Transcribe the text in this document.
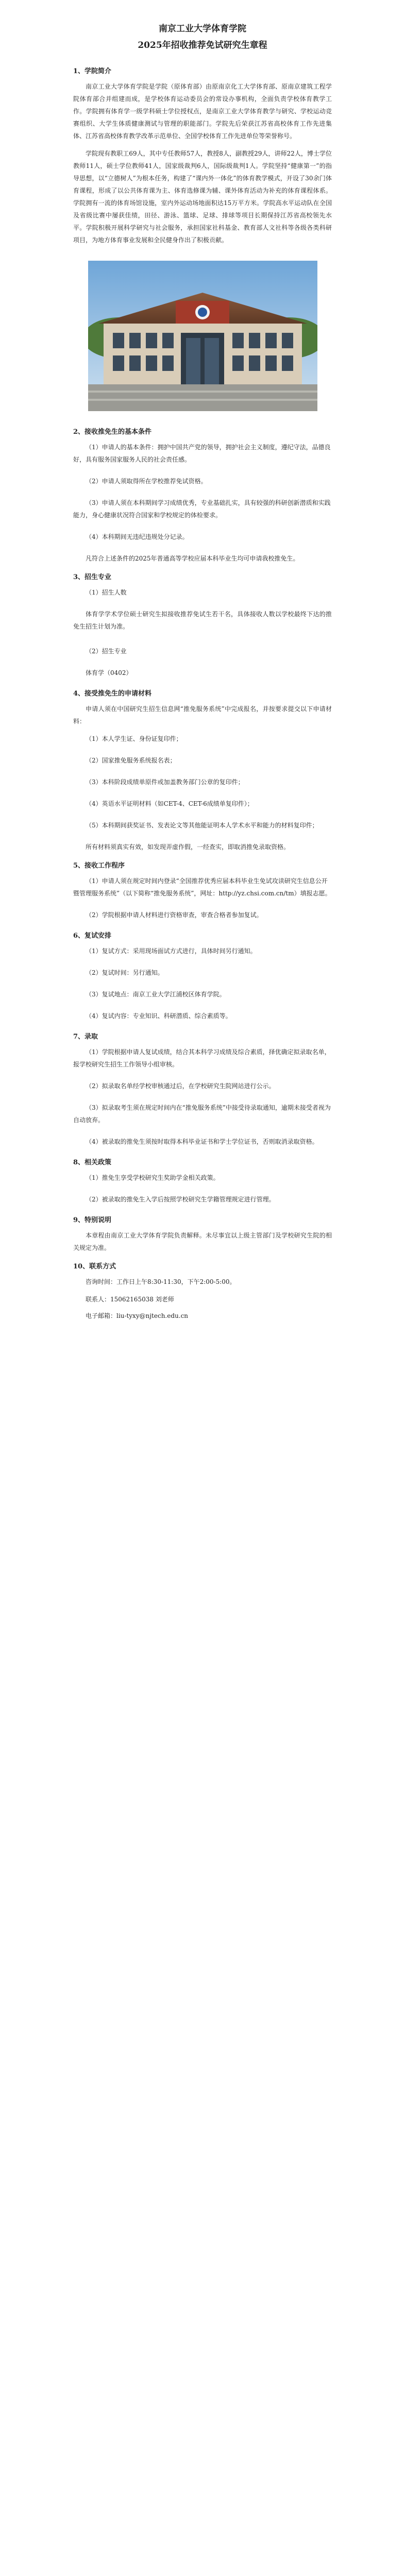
南京工业大学体育学院
2025年招收推荐免试研究生章程
1、学院简介

南京工业大学体育学院是学院（原体育部）由原南京化工大学体育部、原南京建筑工程学院体育部合并组建而成，是学校体育运动委员会的常设办事机构，全面负责学校体育教学工作。学院拥有体育学一级学科硕士学位授权点，是南京工业大学体育教学与研究、学校运动竞赛组织、大学生体质健康测试与管理的职能部门。学院先后荣获江苏省高校体育工作先进集体、江苏省高校体育教学改革示范单位、全国学校体育工作先进单位等荣誉称号。

学院现有教职工69人，其中专任教师57人，教授8人，副教授29人，讲师22人，博士学位教师11人，硕士学位教师41人，国家级裁判6人，国际级裁判1人。学院坚持“健康第一”的指导思想，以“立德树人”为根本任务，构建了“课内外一体化”的体育教学模式，开设了30余门体育课程，形成了以公共体育课为主、体育选修课为辅、课外体育活动为补充的体育课程体系。学院拥有一流的体育场馆设施，室内外运动场地面积达15万平方米。学院高水平运动队在全国及省级比赛中屡获佳绩，田径、游泳、篮球、足球、排球等项目长期保持江苏省高校领先水平。学院积极开展科学研究与社会服务，承担国家社科基金、教育部人文社科等各级各类科研项目，为地方体育事业发展和全民健身作出了积极贡献。

2、接收推免生的基本条件
（1）申请人的基本条件：拥护中国共产党的领导，拥护社会主义制度，遵纪守法，品德良好，具有服务国家服务人民的社会责任感。
（2）申请人须取得所在学校推荐免试资格。
（3）申请人须在本科期间学习成绩优秀，专业基础扎实，具有较强的科研创新潜质和实践能力，身心健康状况符合国家和学校规定的体检要求。
（4）本科期间无违纪违规处分记录。

凡符合上述条件的2025年普通高等学校应届本科毕业生均可申请我校推免生。

3、招生专业
（1）招生人数

体育学学术学位硕士研究生拟接收推荐免试生若干名，具体接收人数以学校最终下达的推免生招生计划为准。

（2）招生专业
体育学（0402）
4、接受推免生的申请材料

申请人须在中国研究生招生信息网“推免服务系统”中完成报名，并按要求提交以下申请材料：

（1）本人学生证、身份证复印件；
（2）国家推免服务系统报名表；
（3）本科阶段成绩单原件或加盖教务部门公章的复印件；
（4）英语水平证明材料（如CET-4、CET-6成绩单复印件）；
（5）本科期间获奖证书、发表论文等其他能证明本人学术水平和能力的材料复印件；

所有材料须真实有效，如发现弄虚作假，一经查实，即取消推免录取资格。

5、接收工作程序
（1）申请人须在规定时间内登录“全国推荐优秀应届本科毕业生免试攻读研究生信息公开暨管理服务系统”（以下简称“推免服务系统”，网址：http://yz.chsi.com.cn/tm）填报志愿。
（2）学院根据申请人材料进行资格审查，审查合格者参加复试。
6、复试安排
（1）复试方式：采用现场面试方式进行，具体时间另行通知。
（2）复试时间：另行通知。
（3）复试地点：南京工业大学江浦校区体育学院。
（4）复试内容：专业知识、科研潜质、综合素质等。
7、录取
（1）学院根据申请人复试成绩，结合其本科学习成绩及综合素质，择优确定拟录取名单，报学校研究生招生工作领导小组审核。
（2）拟录取名单经学校审核通过后，在学校研究生院网站进行公示。
（3）拟录取考生须在规定时间内在“推免服务系统”中接受待录取通知，逾期未接受者视为自动放弃。
（4）被录取的推免生须按时取得本科毕业证书和学士学位证书，否则取消录取资格。
8、相关政策
（1）推免生享受学校研究生奖助学金相关政策。
（2）被录取的推免生入学后按照学校研究生学籍管理规定进行管理。
9、特别说明

本章程由南京工业大学体育学院负责解释。未尽事宜以上级主管部门及学校研究生院的相关规定为准。

10、联系方式

咨询时间：工作日上午8:30-11:30，下午2:00-5:00。

联系人：15062165038 刘老师
电子邮箱：liu-tyxy@njtech.edu.cn
